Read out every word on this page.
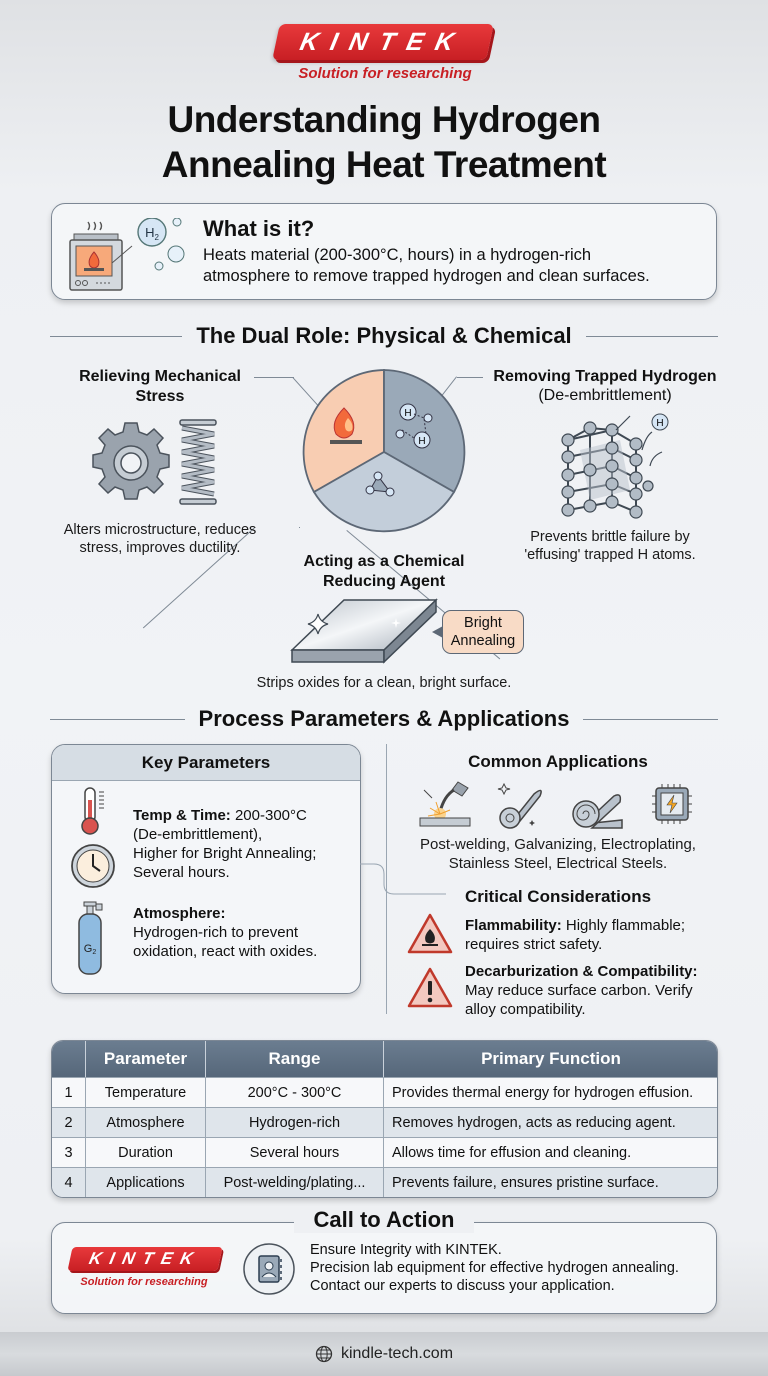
KINTEK
Solution for researching
Understanding Hydrogen
Annealing Heat Treatment
$H_2$ What is it?
Heats material (200-300°C, hours) in a hydrogen-rich
atmosphere to remove trapped hydrogen and clean surfaces.
The Dual Role: Physical & Chemical
H
H
Relieving Mechanical
Stress
Alters microstructure, reduces
stress, improves ductility.
Removing Trapped Hydrogen
(De-embrittlement)
H
Prevents brittle failure by
'effusing' trapped H atoms.
Acting as a Chemical
Reducing Agent
Bright
Annealing
Strips oxides for a clean, bright surface.
Process Parameters & Applications
Key Parameters
G2
Temp & Time: 200-300°C
(De-embrittlement),
Higher for Bright Annealing;
Several hours.
Atmosphere:
Hydrogen-rich to prevent
oxidation, react with oxides.
Common Applications
Post-welding, Galvanizing, Electroplating,
Stainless Steel, Electrical Steels.
Critical Considerations
Flammability: Highly flammable;
requires strict safety.
Decarburization & Compatibility:
May reduce surface carbon. Verify
alloy compatibility.
	Parameter	Range	Primary Function
1	Temperature	200°C - 300°C	Provides thermal energy for hydrogen effusion.
2	Atmosphere	Hydrogen-rich	Removes hydrogen, acts as reducing agent.
3	Duration	Several hours	Allows time for effusion and cleaning.
4	Applications	Post-welding/plating...	Prevents failure, ensures pristine surface.
Call to Action
KINTEK
Solution for researching
Ensure Integrity with KINTEK.
Precision lab equipment for effective hydrogen annealing.
Contact our experts to discuss your application.
kindle-tech.com
